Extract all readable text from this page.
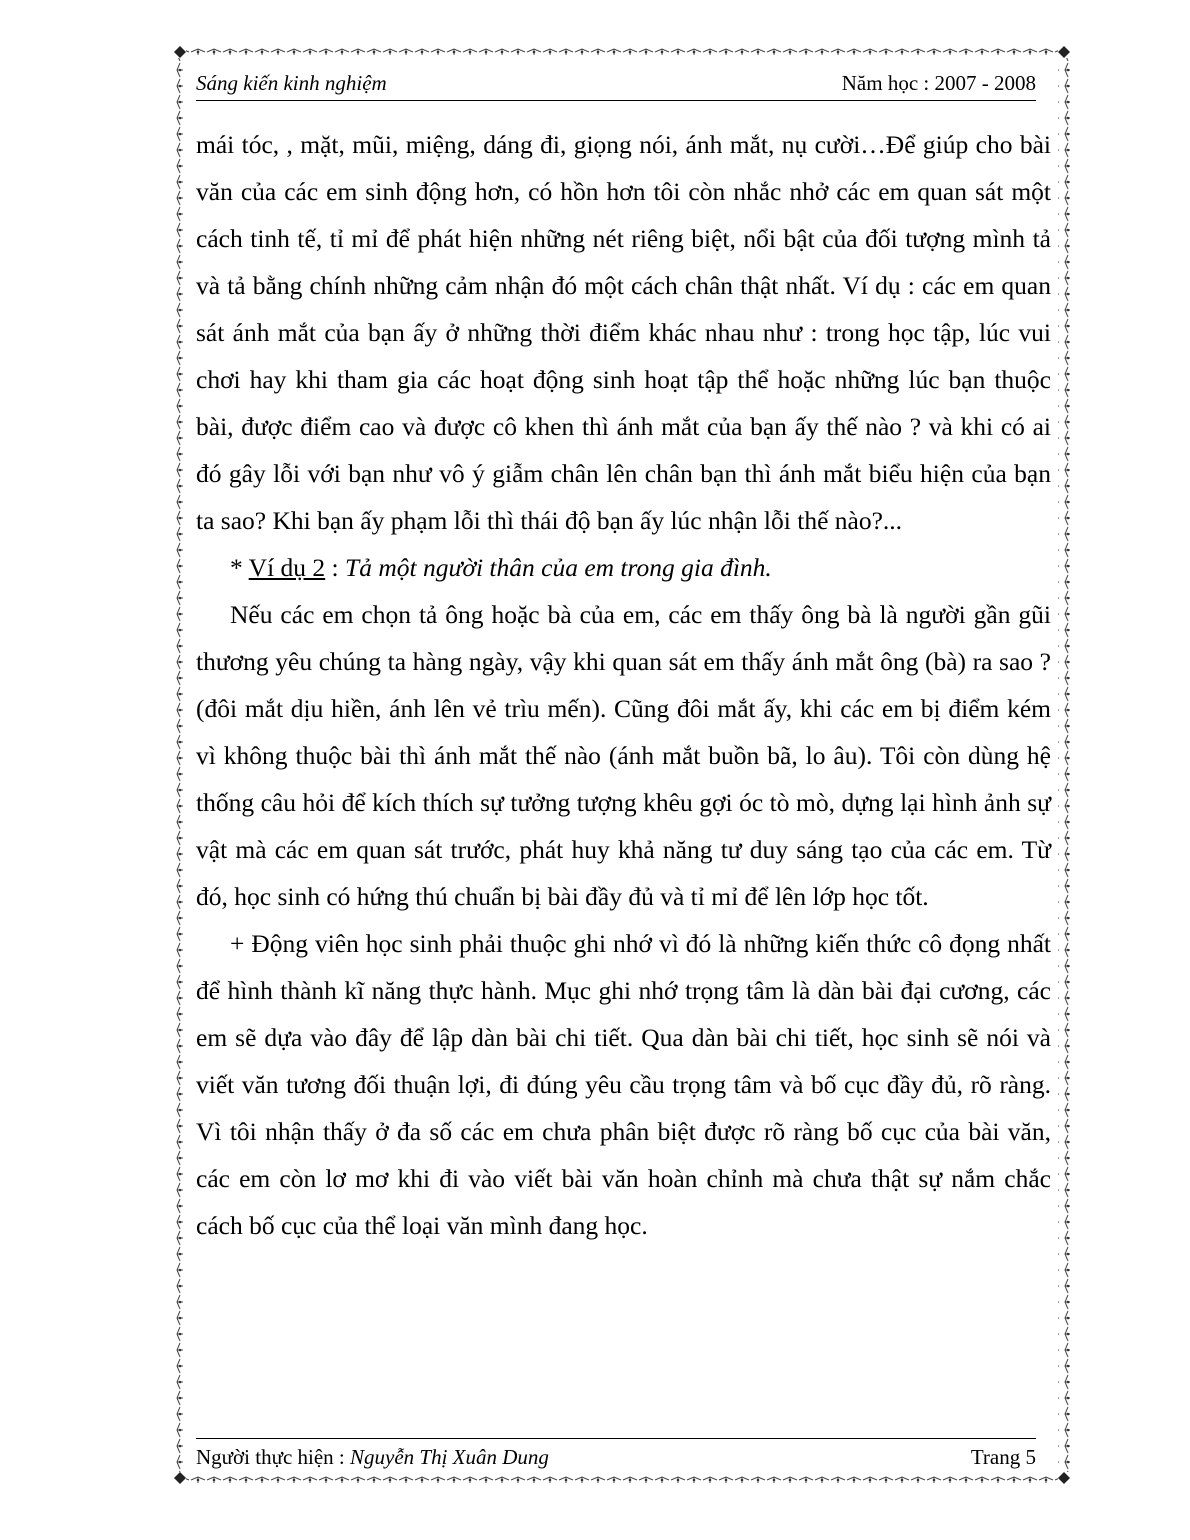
Sáng kiến kinh nghiệm	Năm học : 2007 - 2008

mái tóc, , mặt, mũi, miệng, dáng đi, giọng nói, ánh mắt, nụ cười…Để giúp cho bài văn của các em sinh động hơn, có hồn hơn tôi còn nhắc nhở các em quan sát một cách tinh tế, tỉ mỉ để phát hiện những nét riêng biệt, nổi bật của đối tượng mình tả và tả bằng chính những cảm nhận đó một cách chân thật nhất. Ví dụ : các em quan sát ánh mắt của bạn ấy ở những thời điểm khác nhau như : trong học tập, lúc vui chơi hay khi tham gia các hoạt động sinh hoạt tập thể hoặc những lúc bạn thuộc bài, được điểm cao và được cô khen thì ánh mắt của bạn ấy thế nào ? và khi có ai đó gây lỗi với bạn như vô ý giẫm chân lên chân bạn thì ánh mắt biểu hiện của bạn ta sao? Khi bạn ấy phạm lỗi thì thái độ bạn ấy lúc nhận lỗi thế nào?...

* Ví dụ 2 : Tả một người thân của em trong gia đình.

Nếu các em chọn tả ông hoặc bà của em, các em thấy ông bà là người gần gũi thương yêu chúng ta hàng ngày, vậy khi quan sát em thấy ánh mắt ông (bà) ra sao ? (đôi mắt dịu hiền, ánh lên vẻ trìu mến). Cũng đôi mắt ấy, khi các em bị điểm kém vì không thuộc bài thì ánh mắt thế nào (ánh mắt buồn bã, lo âu). Tôi còn dùng hệ thống câu hỏi để kích thích sự tưởng tượng khêu gợi óc tò mò, dựng lại hình ảnh sự vật mà các em quan sát trước, phát huy khả năng tư duy sáng tạo của các em. Từ đó, học sinh có hứng thú chuẩn bị bài đầy đủ và tỉ mỉ để lên lớp học tốt.

+ Động viên học sinh phải thuộc ghi nhớ vì đó là những kiến thức cô đọng nhất để hình thành kĩ năng thực hành. Mục ghi nhớ trọng tâm là dàn bài đại cương, các em sẽ dựa vào đây để lập dàn bài chi tiết. Qua dàn bài chi tiết, học sinh sẽ nói và viết văn tương đối thuận lợi, đi đúng yêu cầu trọng tâm và bố cục đầy đủ, rõ ràng. Vì tôi nhận thấy ở đa số các em chưa phân biệt được rõ ràng bố cục của bài văn, các em còn lơ mơ khi đi vào viết bài văn hoàn chỉnh mà chưa thật sự nắm chắc cách bố cục của thể loại văn mình đang học.

Người thực hiện : Nguyễn Thị Xuân Dung	Trang 5
